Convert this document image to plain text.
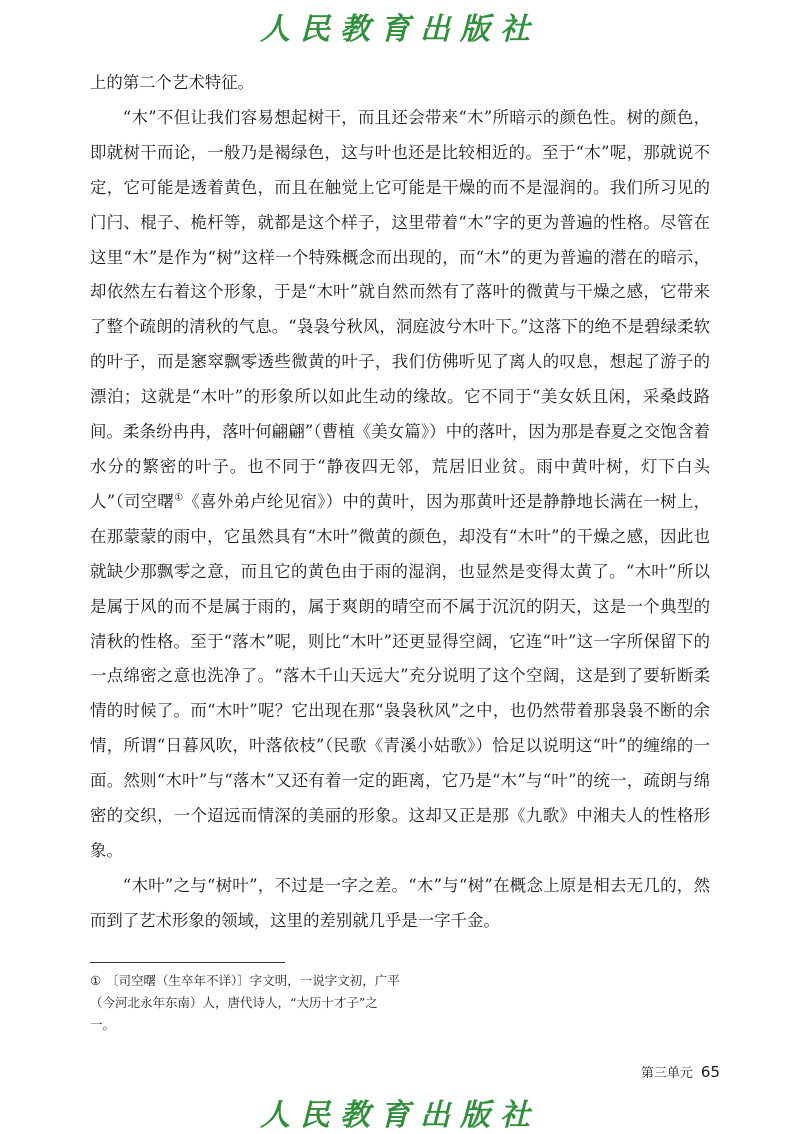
人民教育出版社

上的第二个艺术特征。

“木”不但让我们容易想起树干，而且还会带来“木”所暗示的颜色性。树的颜色，即就树干而论，一般乃是褐绿色，这与叶也还是比较相近的。至于“木”呢，那就说不定，它可能是透着黄色，而且在触觉上它可能是干燥的而不是湿润的。我们所习见的门闩、棍子、桅杆等，就都是这个样子，这里带着“木”字的更为普遍的性格。尽管在这里“木”是作为“树”这样一个特殊概念而出现的，而“木”的更为普遍的潜在的暗示，却依然左右着这个形象，于是“木叶”就自然而然有了落叶的微黄与干燥之感，它带来了整个疏朗的清秋的气息。“袅袅兮秋风，洞庭波兮木叶下。”这落下的绝不是碧绿柔软的叶子，而是窸窣飘零透些微黄的叶子，我们仿佛听见了离人的叹息，想起了游子的漂泊；这就是“木叶”的形象所以如此生动的缘故。它不同于“美女妖且闲，采桑歧路间。柔条纷冉冉，落叶何翩翩”（曹植《美女篇》）中的落叶，因为那是春夏之交饱含着水分的繁密的叶子。也不同于“静夜四无邻，荒居旧业贫。雨中黄叶树，灯下白头人”（司空曙①《喜外弟卢纶见宿》）中的黄叶，因为那黄叶还是静静地长满在一树上，在那蒙蒙的雨中，它虽然具有“木叶”微黄的颜色，却没有“木叶”的干燥之感，因此也就缺少那飘零之意，而且它的黄色由于雨的湿润，也显然是变得太黄了。“木叶”所以是属于风的而不是属于雨的，属于爽朗的晴空而不属于沉沉的阴天，这是一个典型的清秋的性格。至于“落木”呢，则比“木叶”还更显得空阔，它连“叶”这一字所保留下的一点绵密之意也洗净了。“落木千山天远大”充分说明了这个空阔，这是到了要斩断柔情的时候了。而“木叶”呢？它出现在那“袅袅秋风”之中，也仍然带着那袅袅不断的余情，所谓“日暮风吹，叶落依枝”（民歌《青溪小姑歌》）恰足以说明这“叶”的缠绵的一面。然则“木叶”与“落木”又还有着一定的距离，它乃是“木”与“叶”的统一，疏朗与绵密的交织，一个迢远而情深的美丽的形象。这却又正是那《九歌》中湘夫人的性格形象。

“木叶”之与“树叶”，不过是一字之差。“木”与“树”在概念上原是相去无几的，然而到了艺术形象的领域，这里的差别就几乎是一字千金。

① 〔司空曙（生卒年不详）〕字文明，一说字文初，广平（今河北永年东南）人，唐代诗人，“大历十才子”之一。
第三单元 65
人民教育出版社
